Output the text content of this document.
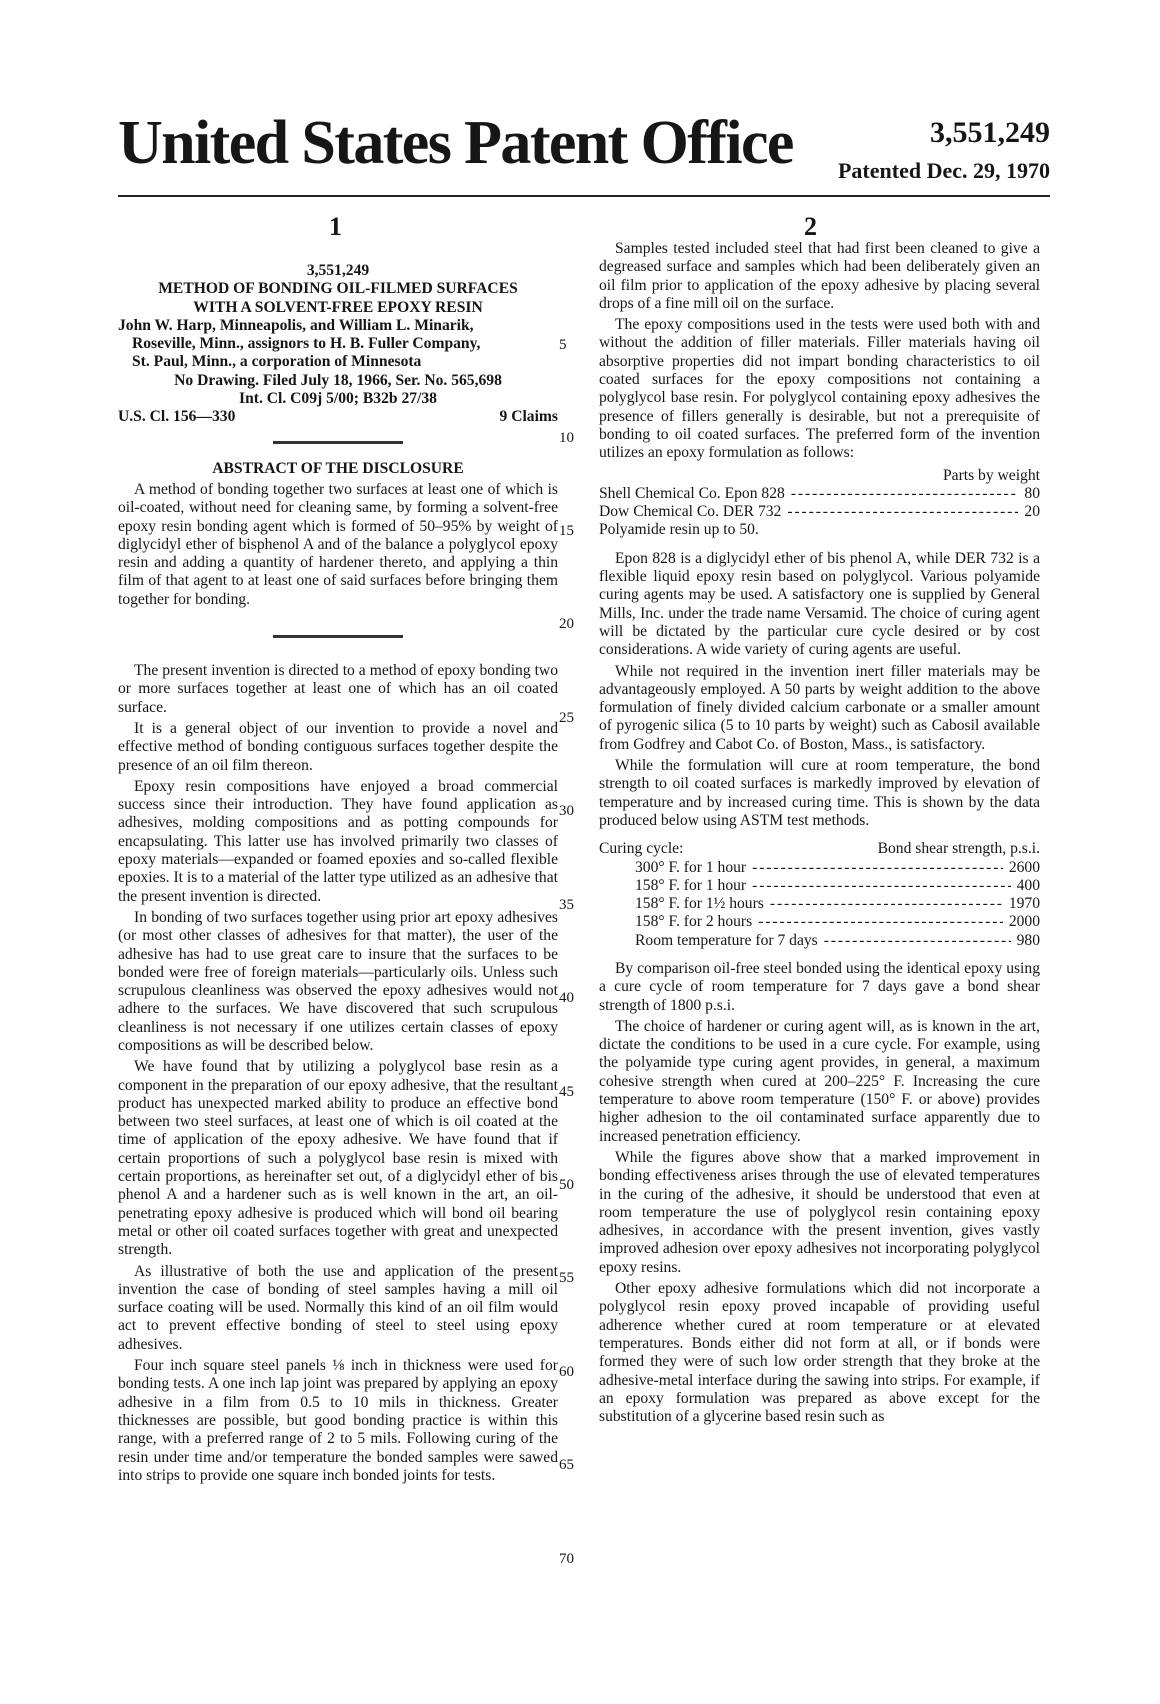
United States Patent Office	3,551,249
Patented Dec. 29, 1970
1
3,551,249
METHOD OF BONDING OIL-FILMED SURFACES
WITH A SOLVENT-FREE EPOXY RESIN
John W. Harp, Minneapolis, and William L. Minarik,
Roseville, Minn., assignors to H. B. Fuller Company,
St. Paul, Minn., a corporation of Minnesota
No Drawing. Filed July 18, 1966, Ser. No. 565,698
Int. Cl. C09j 5/00; B32b 27/38
U.S. Cl. 156—330	9 Claims
ABSTRACT OF THE DISCLOSURE

A method of bonding together two surfaces at least one of which is oil-coated, without need for cleaning same, by forming a solvent-free epoxy resin bonding agent which is formed of 50–95% by weight of diglycidyl ether of bisphenol A and of the balance a polyglycol epoxy resin and adding a quantity of hardener thereto, and applying a thin film of that agent to at least one of said surfaces before bringing them together for bonding.

The present invention is directed to a method of epoxy bonding two or more surfaces together at least one of which has an oil coated surface.

It is a general object of our invention to provide a novel and effective method of bonding contiguous surfaces together despite the presence of an oil film thereon.

Epoxy resin compositions have enjoyed a broad commercial success since their introduction. They have found application as adhesives, molding compositions and as potting compounds for encapsulating. This latter use has involved primarily two classes of epoxy materials—expanded or foamed epoxies and so-called flexible epoxies. It is to a material of the latter type utilized as an adhesive that the present invention is directed.

In bonding of two surfaces together using prior art epoxy adhesives (or most other classes of adhesives for that matter), the user of the adhesive has had to use great care to insure that the surfaces to be bonded were free of foreign materials—particularly oils. Unless such scrupulous cleanliness was observed the epoxy adhesives would not adhere to the surfaces. We have discovered that such scrupulous cleanliness is not necessary if one utilizes certain classes of epoxy compositions as will be described below.

We have found that by utilizing a polyglycol base resin as a component in the preparation of our epoxy adhesive, that the resultant product has unexpected marked ability to produce an effective bond between two steel surfaces, at least one of which is oil coated at the time of application of the epoxy adhesive. We have found that if certain proportions of such a polyglycol base resin is mixed with certain proportions, as hereinafter set out, of a diglycidyl ether of bis phenol A and a hardener such as is well known in the art, an oil-penetrating epoxy adhesive is produced which will bond oil bearing metal or other oil coated surfaces together with great and unexpected strength.

As illustrative of both the use and application of the present invention the case of bonding of steel samples having a mill oil surface coating will be used. Normally this kind of an oil film would act to prevent effective bonding of steel to steel using epoxy adhesives.

Four inch square steel panels ⅛ inch in thickness were used for bonding tests. A one inch lap joint was prepared by applying an epoxy adhesive in a film from 0.5 to 10 mils in thickness. Greater thicknesses are possible, but good bonding practice is within this range, with a preferred range of 2 to 5 mils. Following curing of the resin under time and/or temperature the bonded samples were sawed into strips to provide one square inch bonded joints for tests.

5
10
15
20
25
30
35
40
45
50
55
60
65
70
2

Samples tested included steel that had first been cleaned to give a degreased surface and samples which had been deliberately given an oil film prior to application of the epoxy adhesive by placing several drops of a fine mill oil on the surface.

The epoxy compositions used in the tests were used both with and without the addition of filler materials. Filler materials having oil absorptive properties did not impart bonding characteristics to oil coated surfaces for the epoxy compositions not containing a polyglycol base resin. For polyglycol containing epoxy adhesives the presence of fillers generally is desirable, but not a prerequisite of bonding to oil coated surfaces. The preferred form of the invention utilizes an epoxy formulation as follows:

Parts by weight
Shell Chemical Co. Epon 828 - - -	80
Dow Chemical Co. DER 732 - - -	20
Polyamide resin up to 50.

Epon 828 is a diglycidyl ether of bis phenol A, while DER 732 is a flexible liquid epoxy resin based on polyglycol. Various polyamide curing agents may be used. A satisfactory one is supplied by General Mills, Inc. under the trade name Versamid. The choice of curing agent will be dictated by the particular cure cycle desired or by cost considerations. A wide variety of curing agents are useful.

While not required in the invention inert filler materials may be advantageously employed. A 50 parts by weight addition to the above formulation of finely divided calcium carbonate or a smaller amount of pyrogenic silica (5 to 10 parts by weight) such as Cabosil available from Godfrey and Cabot Co. of Boston, Mass., is satisfactory.

While the formulation will cure at room temperature, the bond strength to oil coated surfaces is markedly improved by elevation of temperature and by increased curing time. This is shown by the data produced below using ASTM test methods.

Curing cycle:	Bond shear strength, p.s.i.
300° F. for 1 hour - - -	2600
158° F. for 1 hour - - -	400
158° F. for 1½ hours - - -	1970
158° F. for 2 hours - - -	2000
Room temperature for 7 days - - -	980

By comparison oil-free steel bonded using the identical epoxy using a cure cycle of room temperature for 7 days gave a bond shear strength of 1800 p.s.i.

The choice of hardener or curing agent will, as is known in the art, dictate the conditions to be used in a cure cycle. For example, using the polyamide type curing agent provides, in general, a maximum cohesive strength when cured at 200–225° F. Increasing the cure temperature to above room temperature (150° F. or above) provides higher adhesion to the oil contaminated surface apparently due to increased penetration efficiency.

While the figures above show that a marked improvement in bonding effectiveness arises through the use of elevated temperatures in the curing of the adhesive, it should be understood that even at room temperature the use of polyglycol resin containing epoxy adhesives, in accordance with the present invention, gives vastly improved adhesion over epoxy adhesives not incorporating polyglycol epoxy resins.

Other epoxy adhesive formulations which did not incorporate a polyglycol resin epoxy proved incapable of providing useful adherence whether cured at room temperature or at elevated temperatures. Bonds either did not form at all, or if bonds were formed they were of such low order strength that they broke at the adhesive-metal interface during the sawing into strips. For example, if an epoxy formulation was prepared as above except for the substitution of a glycerine based resin such as
